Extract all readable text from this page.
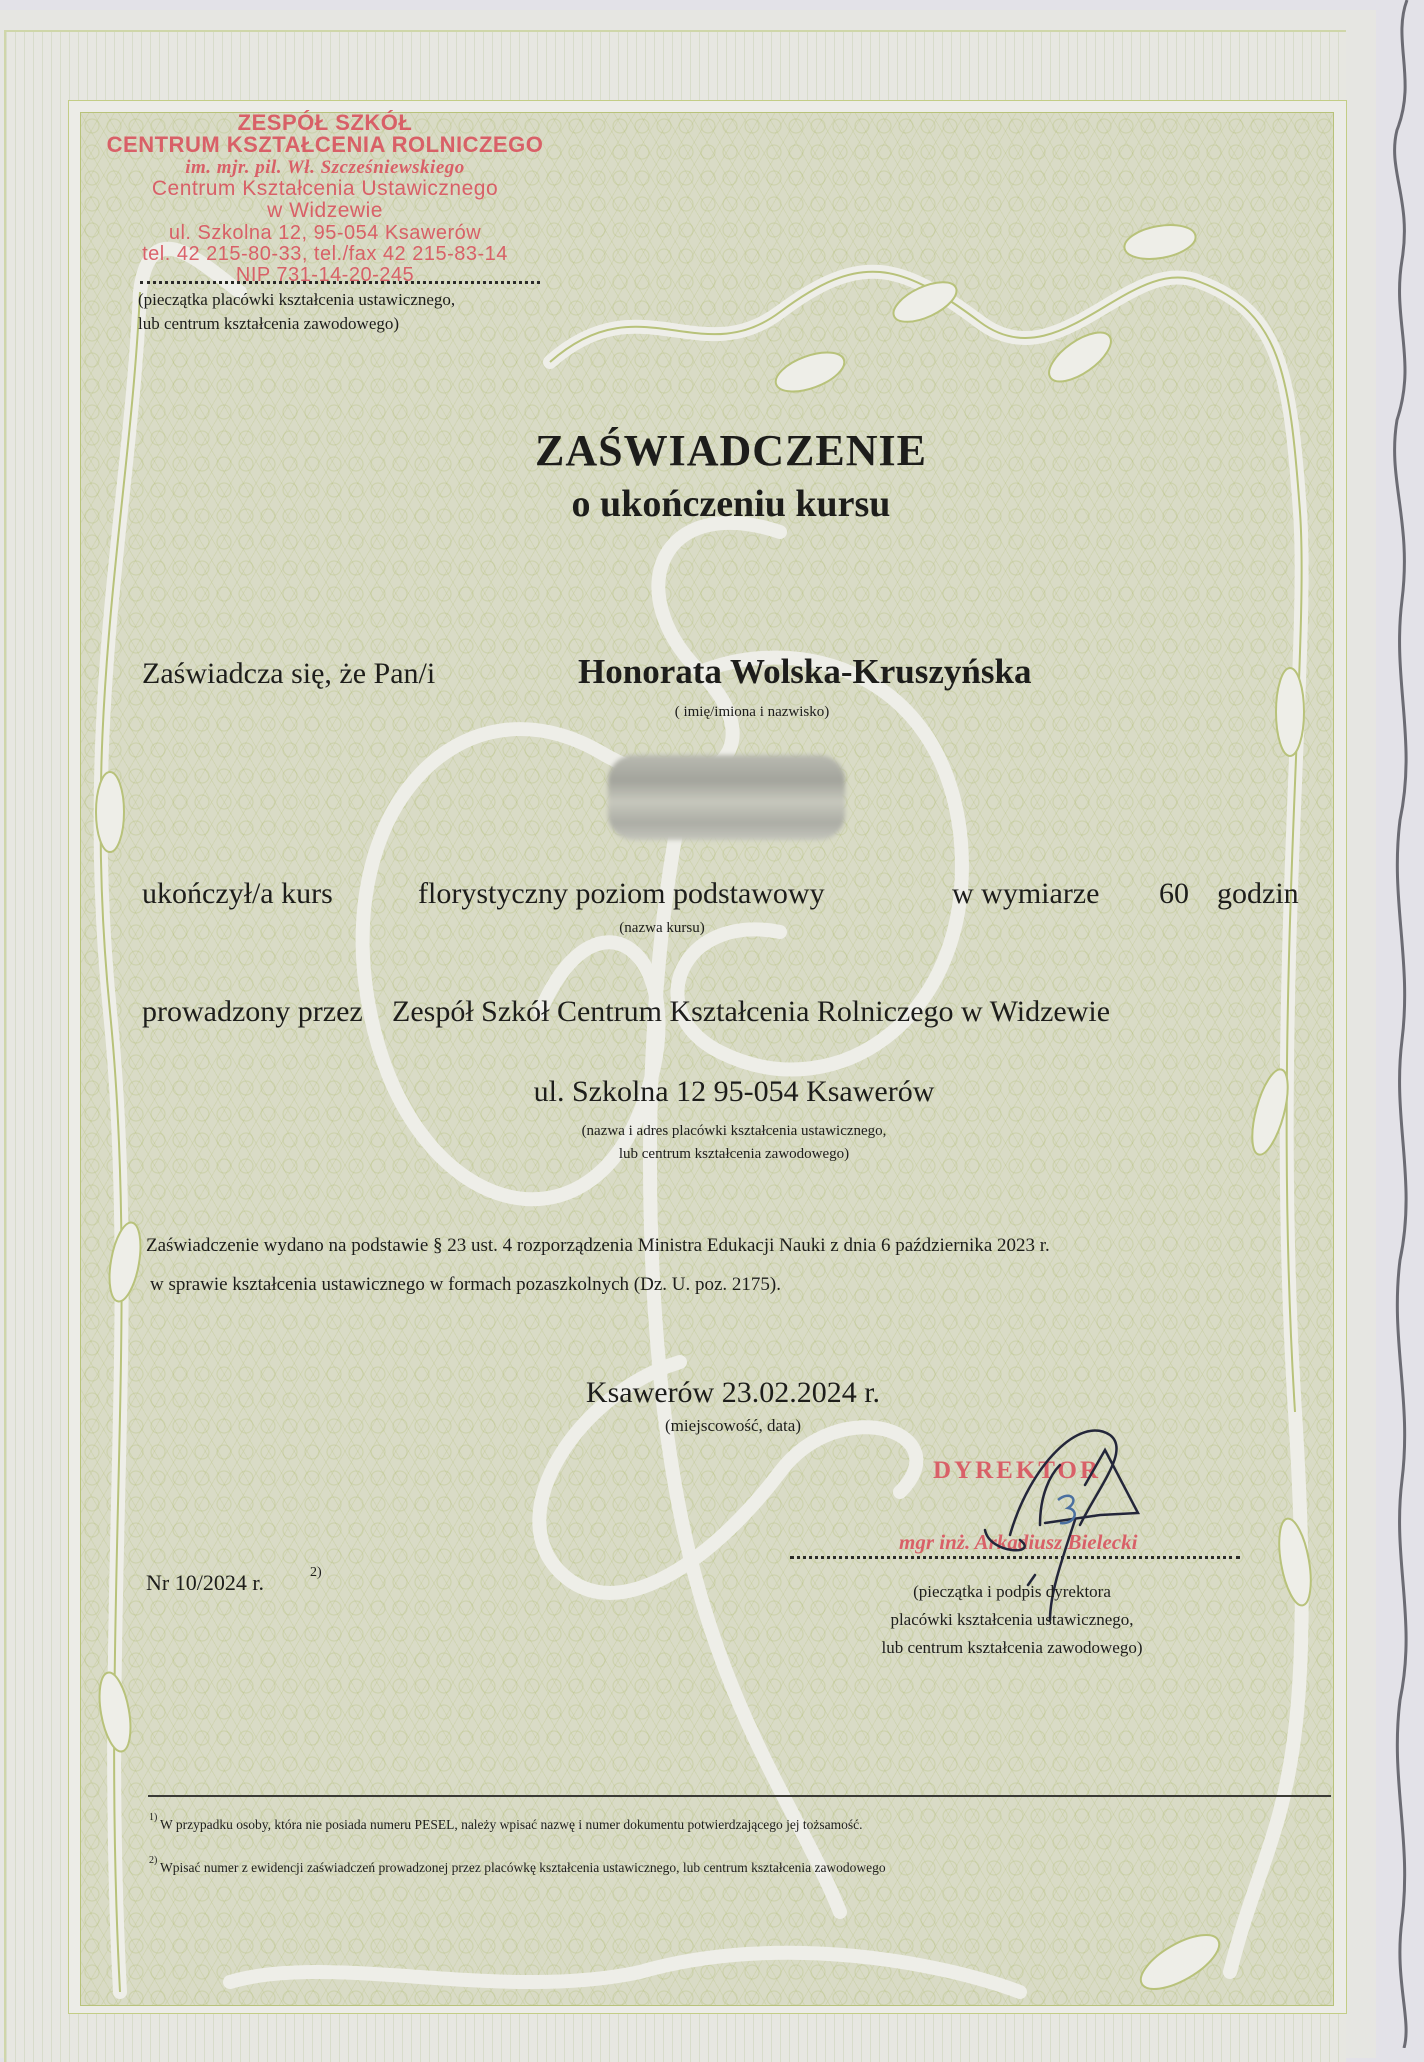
ZESPÓŁ SZKÓŁ
CENTRUM KSZTAŁCENIA ROLNICZEGO
im. mjr. pil. Wł. Szcześniewskiego
Centrum Kształcenia Ustawicznego
w Widzewie
ul. Szkolna 12, 95-054 Ksawerów
tel. 42 215-80-33, tel./fax 42 215-83-14
NIP 731-14-20-245
(pieczątka placówki kształcenia ustawicznego,
lub centrum kształcenia zawodowego)
ZAŚWIADCZENIE
o ukończeniu kursu
Zaświadcza się, że Pan/i	Honorata Wolska-Kruszyńska
( imię/imiona i nazwisko)
ukończył/a kurs	florystyczny poziom podstawowy	w wymiarze 60 godzin
(nazwa kursu)
prowadzony przez Zespół Szkół Centrum Kształcenia Rolniczego w Widzewie
ul. Szkolna 12 95-054 Ksawerów
(nazwa i adres placówki kształcenia ustawicznego,
lub centrum kształcenia zawodowego)
Zaświadczenie wydano na podstawie § 23 ust. 4 rozporządzenia Ministra Edukacji Nauki z dnia 6 października 2023 r.
w sprawie kształcenia ustawicznego w formach pozaszkolnych (Dz. U. poz. 2175).
Ksawerów 23.02.2024 r.
(miejscowość, data)
DYREKTOR
mgr inż. Arkadiusz Bielecki
Nr 10/2024 r.	2)
(pieczątka i podpis dyrektora
placówki kształcenia ustawicznego,
lub centrum kształcenia zawodowego)
1) W przypadku osoby, która nie posiada numeru PESEL, należy wpisać nazwę i numer dokumentu potwierdzającego jej tożsamość.
2) Wpisać numer z ewidencji zaświadczeń prowadzonej przez placówkę kształcenia ustawicznego, lub centrum kształcenia zawodowego
